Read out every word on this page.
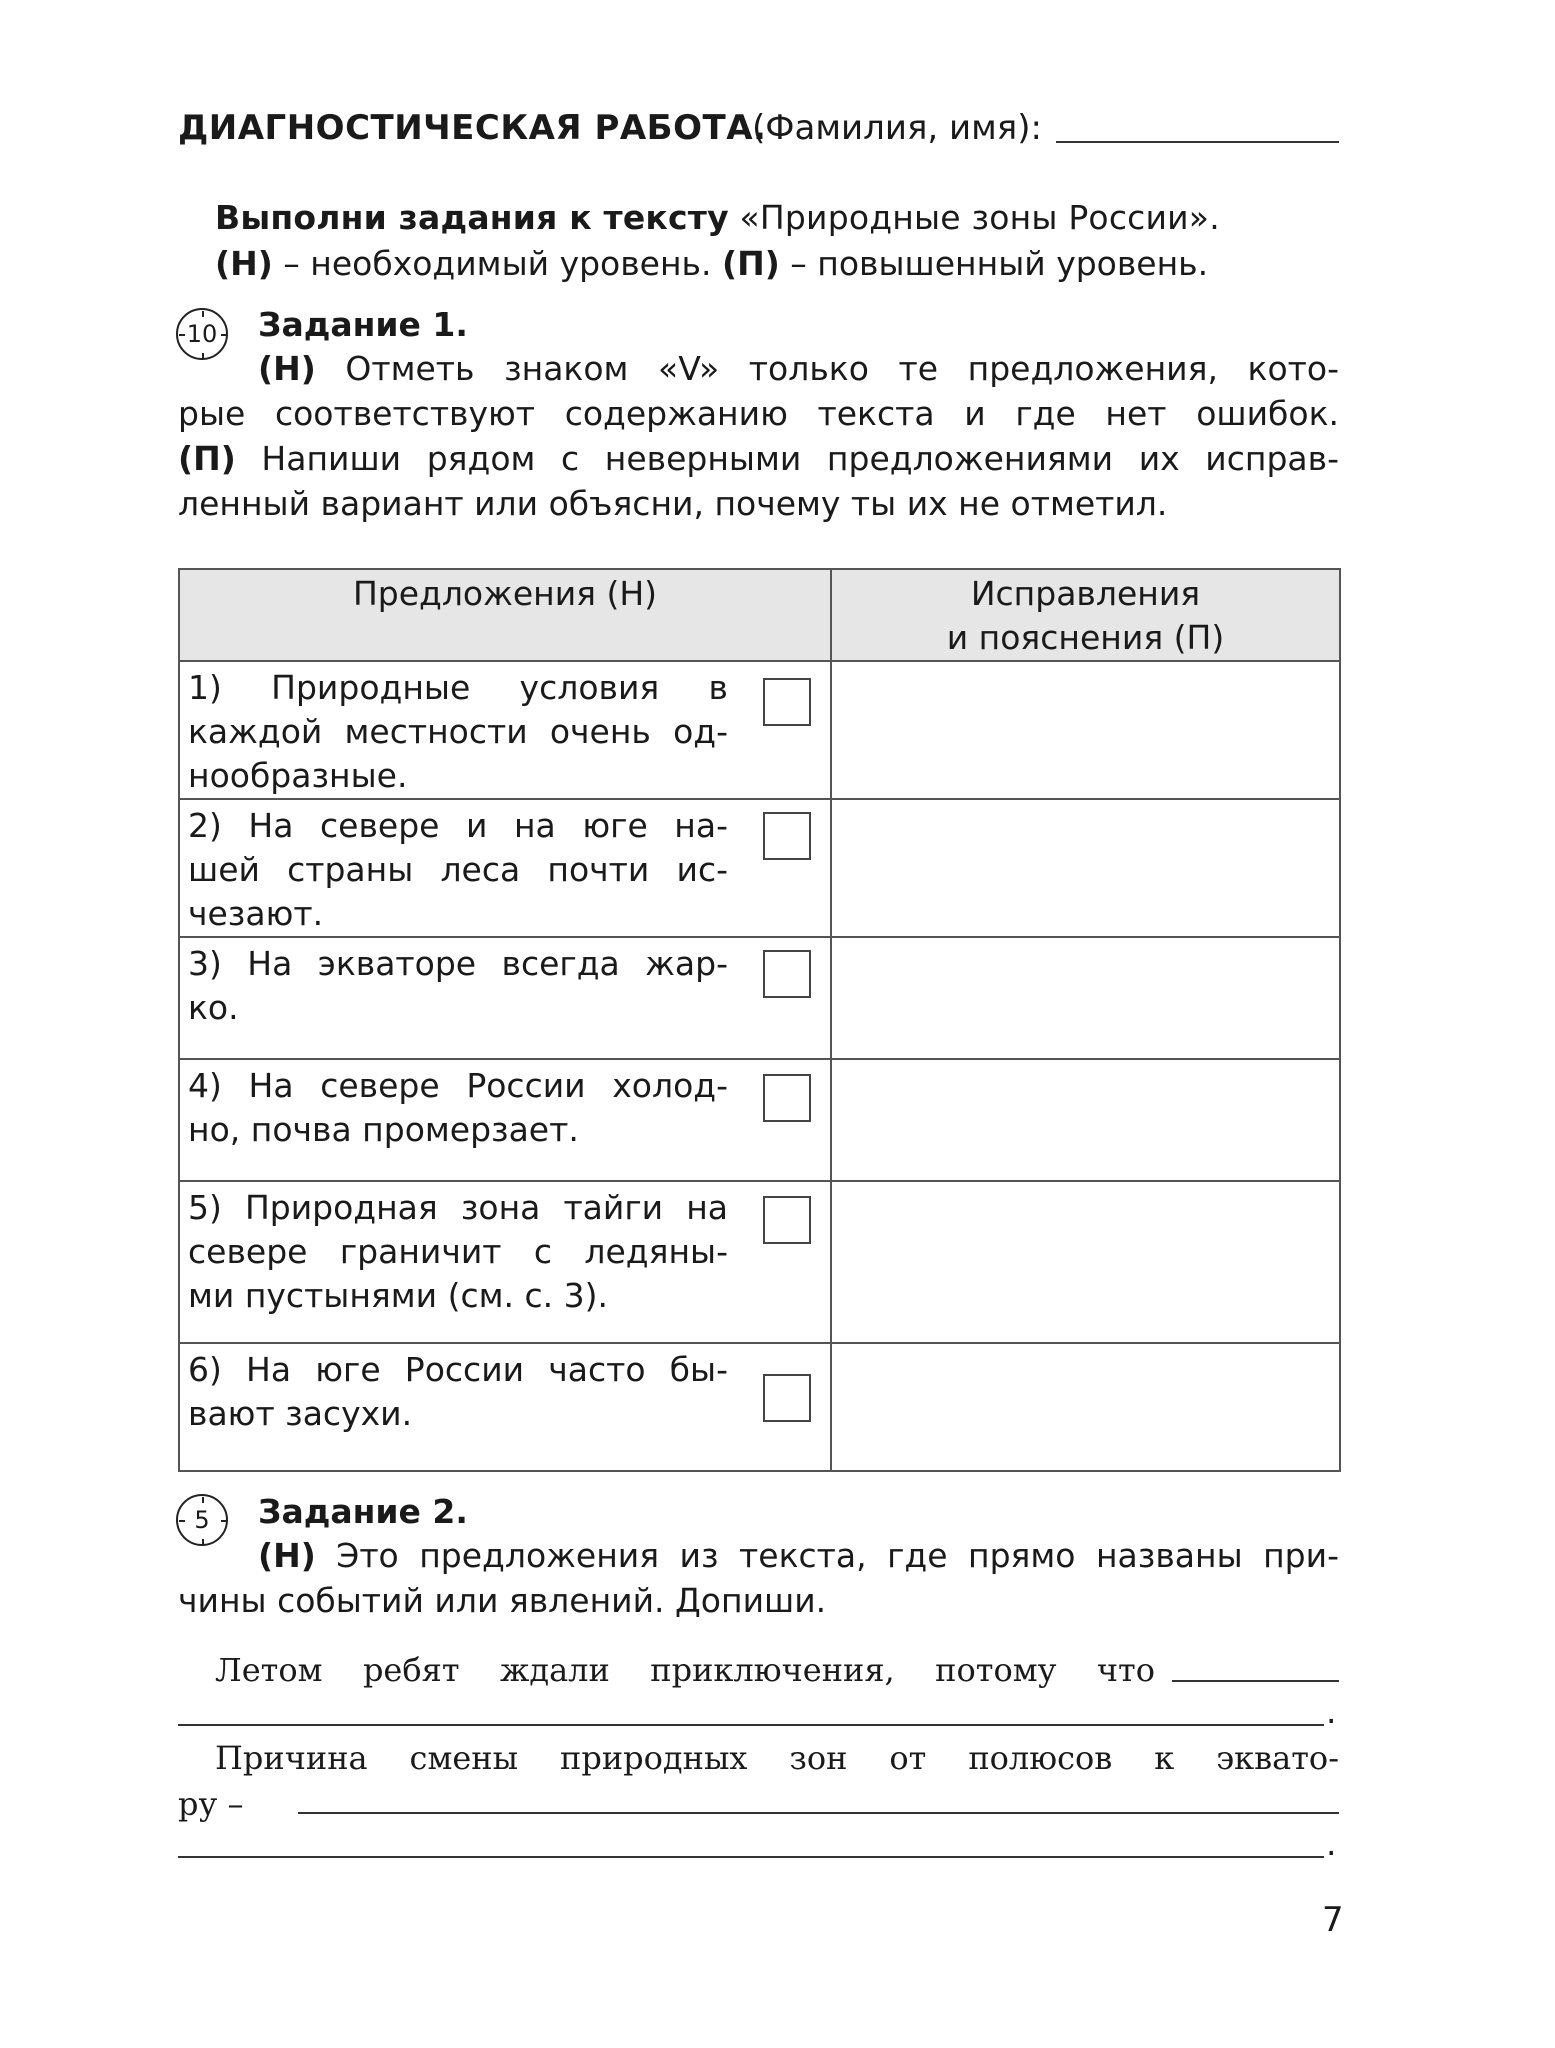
ДИАГНОСТИЧЕСКАЯ РАБОТА.
(Фамилия, имя):
Выполни задания к тексту «Природные зоны России».
(Н) – необходимый уровень. (П) – повышенный уровень.
10 Задание 1.
(Н) Отметь знаком «V» только те предложения, кото-
рые соответствуют содержанию текста и где нет ошибок.
(П) Напиши рядом с неверными предложениями их исправ-
ленный вариант или объясни, почему ты их не отметил.
Предложения (Н)	Исправления
и пояснения (П)

1) Природные условия в
каждой местности очень од-
нообразные.	

2) На севере и на юге на-
шей страны леса почти ис-
чезают.	

3) На экваторе всегда жар-
ко.	

4) На севере России холод-
но, почва промерзает.	

5) Природная зона тайги на
севере граничит с ледяны-
ми пустынями (см. с. 3).	

6) На юге России часто бы-
вают засухи.	

5 Задание 2.
(Н) Это предложения из текста, где прямо названы при-
чины событий или явлений. Допиши.
Летом ребят ждали приключения, потому что
.
Причина смены природных зон от полюсов к эквато-
ру –
.
7
